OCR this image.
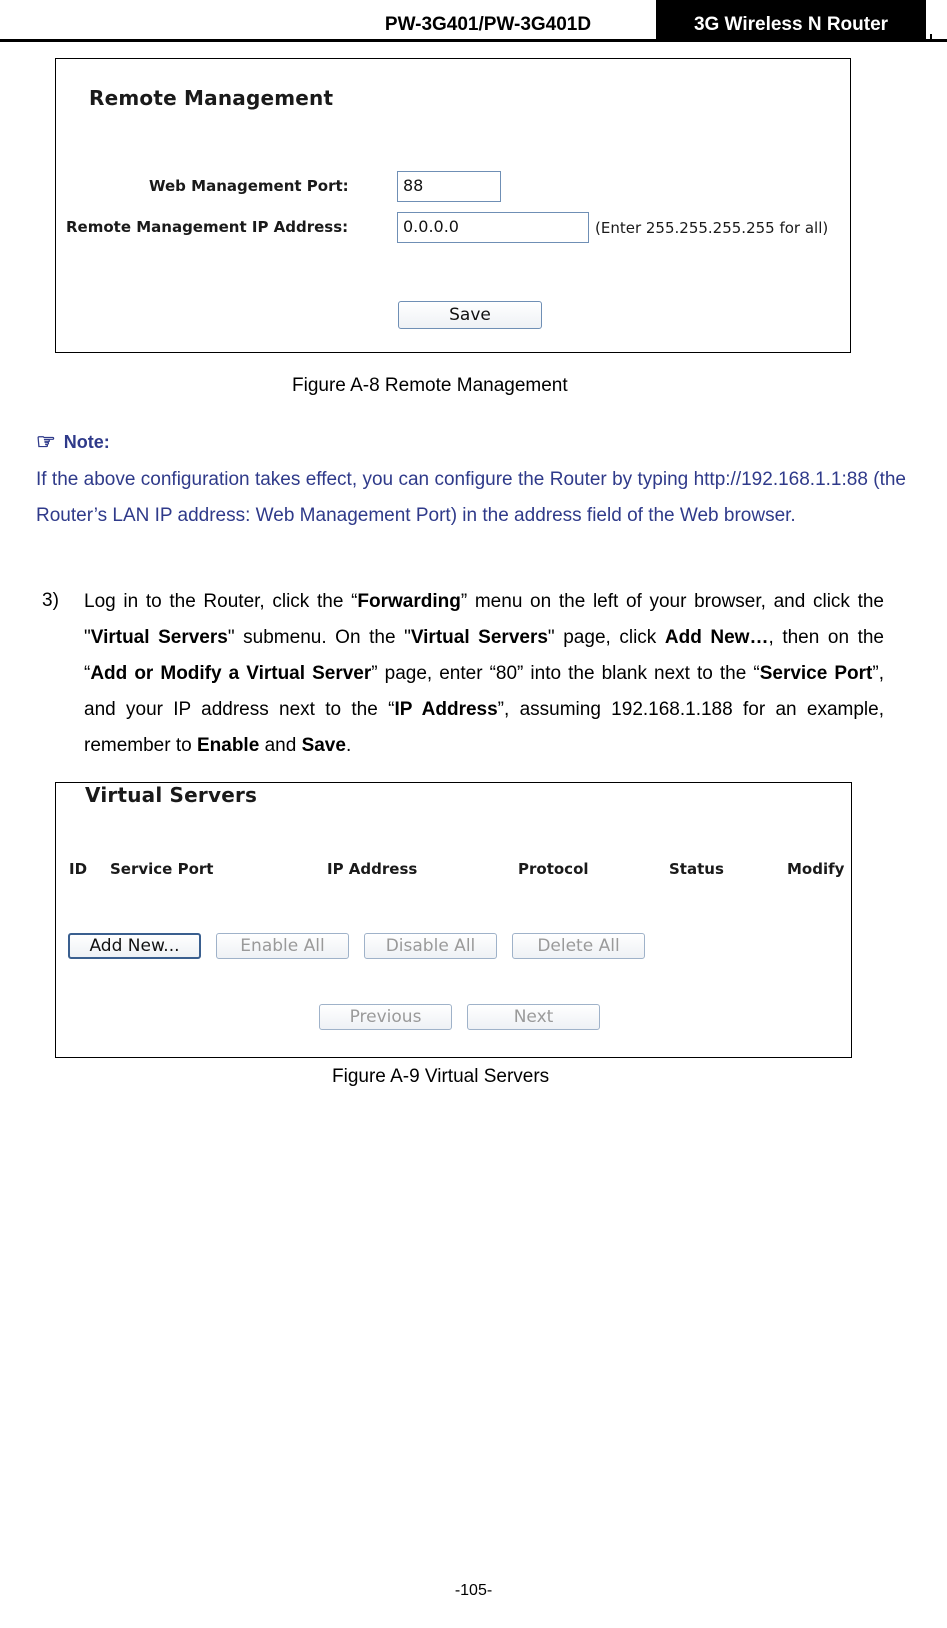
PW-3G401/PW-3G401D	3G Wireless N Router
Remote Management
Web Management Port:	88
Remote Management IP Address:	0.0.0.0	(Enter 255.255.255.255 for all)
Save
Figure A-8 Remote Management
☞ Note:
If the above configuration takes effect, you can configure the Router by typing http://192.168.1.1:88 (the Router’s LAN IP address: Web Management Port) in the address field of the Web browser.
3) Log in to the Router, click the “Forwarding” menu on the left of your browser, and click the "Virtual Servers" submenu. On the "Virtual Servers" page, click Add New…, then on the “Add or Modify a Virtual Server” page, enter “80” into the blank next to the “Service Port”, and your IP address next to the “IP Address”, assuming 192.168.1.188 for an example, remember to Enable and Save.
Virtual Servers
ID Service Port	IP Address	Protocol	Status	Modify
Add New...	Enable All	Disable All	Delete All
Previous	Next
Figure A-9 Virtual Servers
-105-
